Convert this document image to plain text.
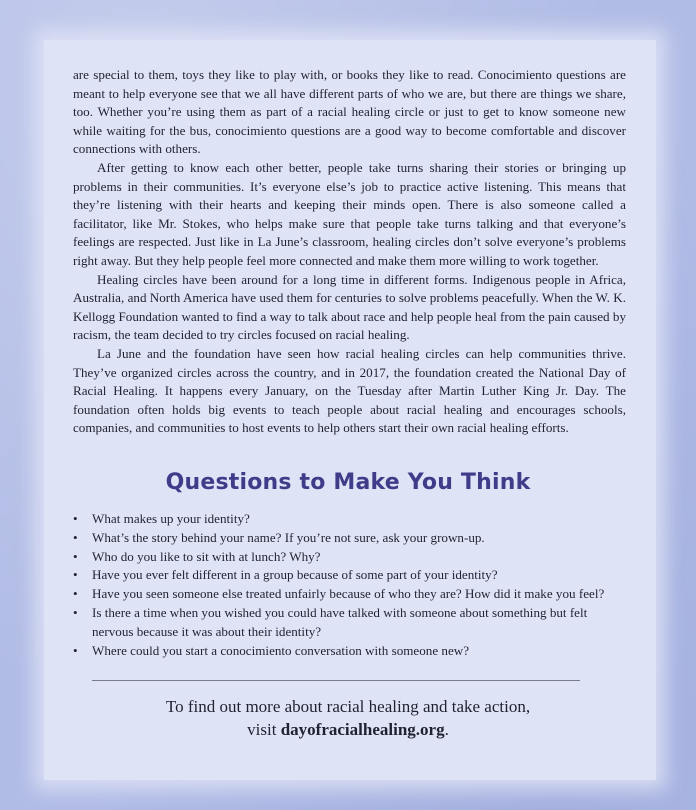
are special to them, toys they like to play with, or books they like to read. Conocimiento questions are meant to help everyone see that we all have different parts of who we are, but there are things we share, too. Whether you’re using them as part of a racial healing circle or just to get to know someone new while waiting for the bus, conocimiento questions are a good way to become comfortable and discover connections with others.

After getting to know each other better, people take turns sharing their stories or bringing up problems in their communities. It’s everyone else’s job to practice active listening. This means that they’re listening with their hearts and keeping their minds open. There is also someone called a facilitator, like Mr. Stokes, who helps make sure that people take turns talking and that everyone’s feelings are respected. Just like in La June’s classroom, healing circles don’t solve everyone’s problems right away. But they help people feel more connected and make them more willing to work together.

Healing circles have been around for a long time in different forms. Indigenous people in Africa, Australia, and North America have used them for centuries to solve problems peacefully. When the W. K. Kellogg Foundation wanted to find a way to talk about race and help people heal from the pain caused by racism, the team decided to try circles focused on racial healing.

La June and the foundation have seen how racial healing circles can help communities thrive. They’ve organized circles across the country, and in 2017, the foundation created the National Day of Racial Healing. It happens every January, on the Tuesday after Martin Luther King Jr. Day. The foundation often holds big events to teach people about racial healing and encourages schools, companies, and communities to host events to help others start their own racial healing efforts.

Questions to Make You Think
• What makes up your identity?
• What’s the story behind your name? If you’re not sure, ask your grown-up.
• Who do you like to sit with at lunch? Why?
• Have you ever felt different in a group because of some part of your identity?
• Have you seen someone else treated unfairly because of who they are? How did it make you feel?
• Is there a time when you wished you could have talked with someone about something but felt nervous because it was about their identity?
• Where could you start a conocimiento conversation with someone new?
To find out more about racial healing and take action,
visit dayofracialhealing.org.
